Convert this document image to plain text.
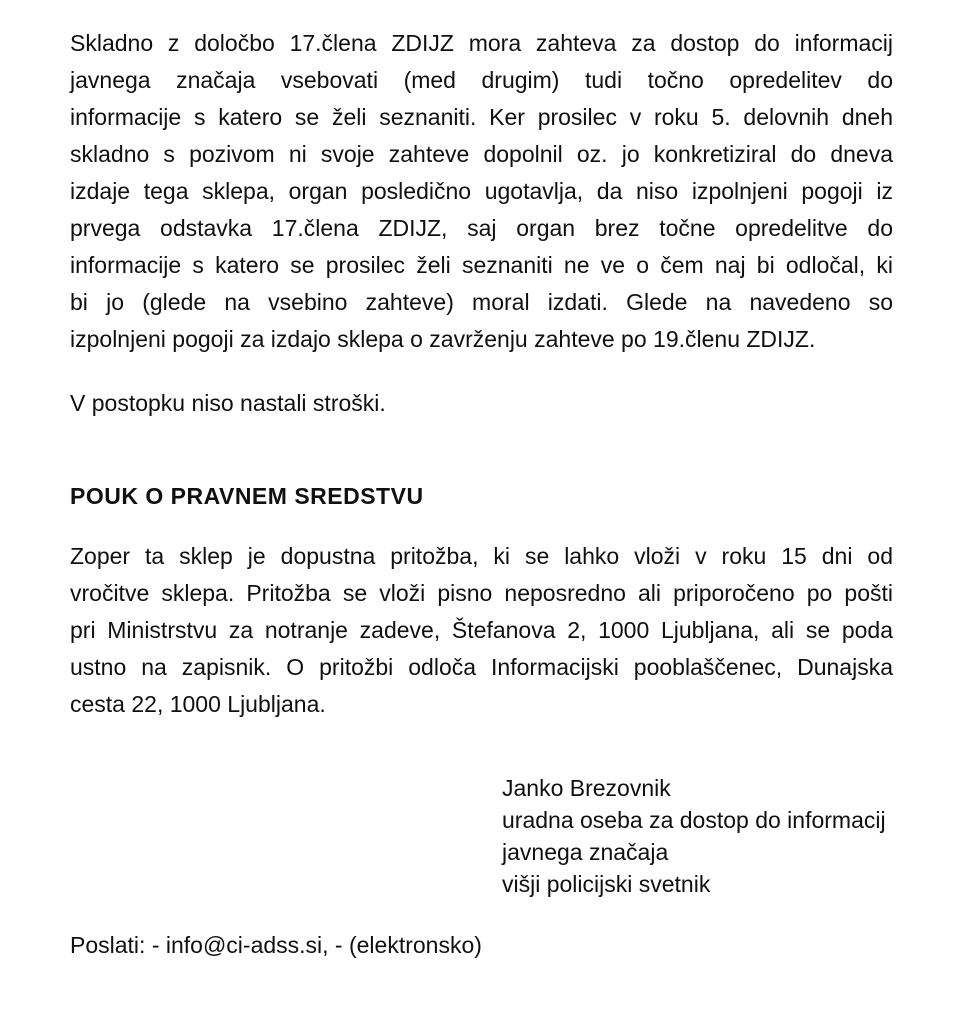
Skladno z določbo 17.člena ZDIJZ mora zahteva za dostop do informacij
javnega značaja vsebovati (med drugim) tudi točno opredelitev do
informacije s katero se želi seznaniti. Ker prosilec v roku 5. delovnih dneh
skladno s pozivom ni svoje zahteve dopolnil oz. jo konkretiziral do dneva
izdaje tega sklepa, organ posledično ugotavlja, da niso izpolnjeni pogoji iz
prvega odstavka 17.člena ZDIJZ, saj organ brez točne opredelitve do
informacije s katero se prosilec želi seznaniti ne ve o čem naj bi odločal, ki
bi jo (glede na vsebino zahteve) moral izdati. Glede na navedeno so
izpolnjeni pogoji za izdajo sklepa o zavrženju zahteve po 19.členu ZDIJZ.
V postopku niso nastali stroški.
POUK O PRAVNEM SREDSTVU
Zoper ta sklep je dopustna pritožba, ki se lahko vloži v roku 15 dni od
vročitve sklepa. Pritožba se vloži pisno neposredno ali priporočeno po pošti
pri Ministrstvu za notranje zadeve, Štefanova 2, 1000 Ljubljana, ali se poda
ustno na zapisnik. O pritožbi odloča Informacijski pooblaščenec, Dunajska
cesta 22, 1000 Ljubljana.
Janko Brezovnik
uradna oseba za dostop do informacij
javnega značaja
višji policijski svetnik
Poslati: - info@ci-adss.si, - (elektronsko)
